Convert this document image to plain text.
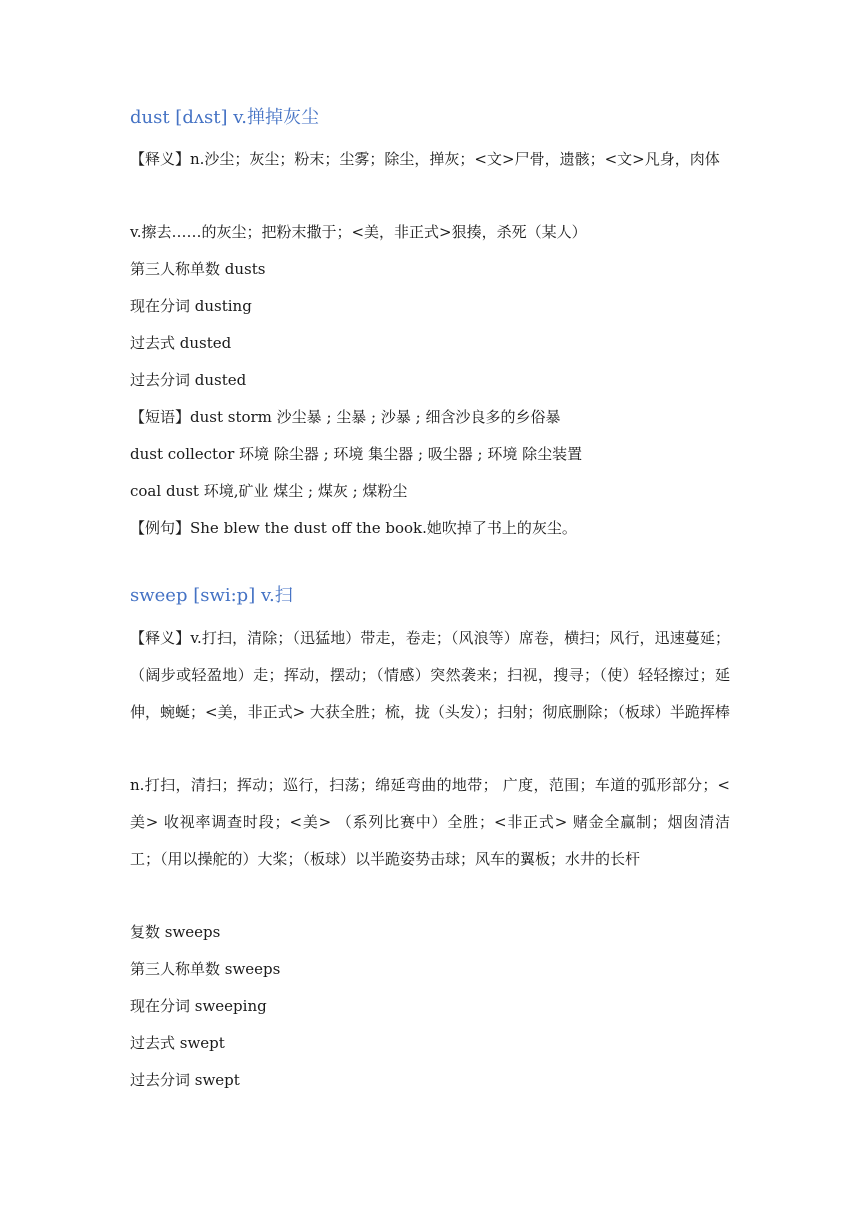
dust [dʌst] v.掸掉灰尘
【释义】n.沙尘；灰尘；粉末；尘雾；除尘，掸灰；<文>尸骨，遗骸；<文>凡身，肉体
v.擦去……的灰尘；把粉末撒于；<美，非正式>狠揍，杀死（某人）
第三人称单数 dusts
现在分词 dusting
过去式 dusted
过去分词 dusted
【短语】dust storm 沙尘暴 ; 尘暴 ; 沙暴 ; 细含沙良多的乡俗暴
dust collector 环境 除尘器 ; 环境 集尘器 ; 吸尘器 ; 环境 除尘装置
coal dust 环境,矿业 煤尘 ; 煤灰 ; 煤粉尘
【例句】She blew the dust off the book.她吹掉了书上的灰尘。
sweep [swi:p] v.扫
【释义】v.打扫，清除；（迅猛地）带走，卷走；（风浪等）席卷，横扫；风行，迅速蔓延；（阔步或轻盈地）走；挥动，摆动；（情感）突然袭来；扫视，搜寻；（使）轻轻擦过；延伸，蜿蜒；<美，非正式> 大获全胜；梳，拢（头发）；扫射；彻底删除；（板球）半跪挥棒
n.打扫，清扫；挥动；巡行，扫荡；绵延弯曲的地带； 广度，范围；车道的弧形部分；<美> 收视率调查时段；<美> （系列比赛中）全胜；<非正式> 赌金全赢制；烟囱清洁工；（用以操舵的）大桨；（板球）以半跪姿势击球；风车的翼板；水井的长杆
复数 sweeps
第三人称单数 sweeps
现在分词 sweeping
过去式 swept
过去分词 swept
